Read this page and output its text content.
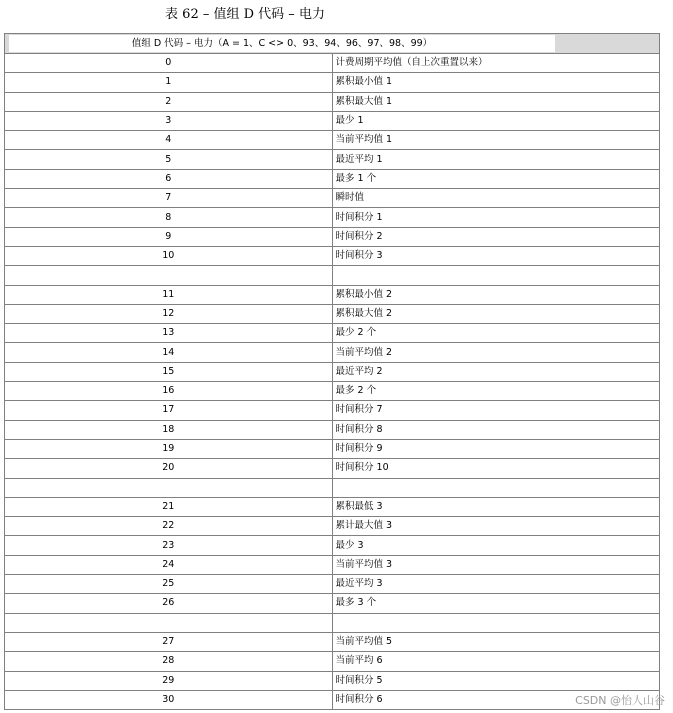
表 62 – 值组 D 代码 – 电力
值组 D 代码 – 电力（A = 1、C <> 0、93、94、96、97、98、99）	
0	计费周期平均值（自上次重置以来）
1	累积最小值 1
2	累积最大值 1
3	最少 1
4	当前平均值 1
5	最近平均 1
6	最多 1 个
7	瞬时值
8	时间积分 1
9	时间积分 2
10	时间积分 3

11	累积最小值 2
12	累积最大值 2
13	最少 2 个
14	当前平均值 2
15	最近平均 2
16	最多 2 个
17	时间积分 7
18	时间积分 8
19	时间积分 9
20	时间积分 10

21	累积最低 3
22	累计最大值 3
23	最少 3
24	当前平均值 3
25	最近平均 3
26	最多 3 个

27	当前平均值 5
28	当前平均 6
29	时间积分 5
30	时间积分 6	CSDN @怡人山谷
